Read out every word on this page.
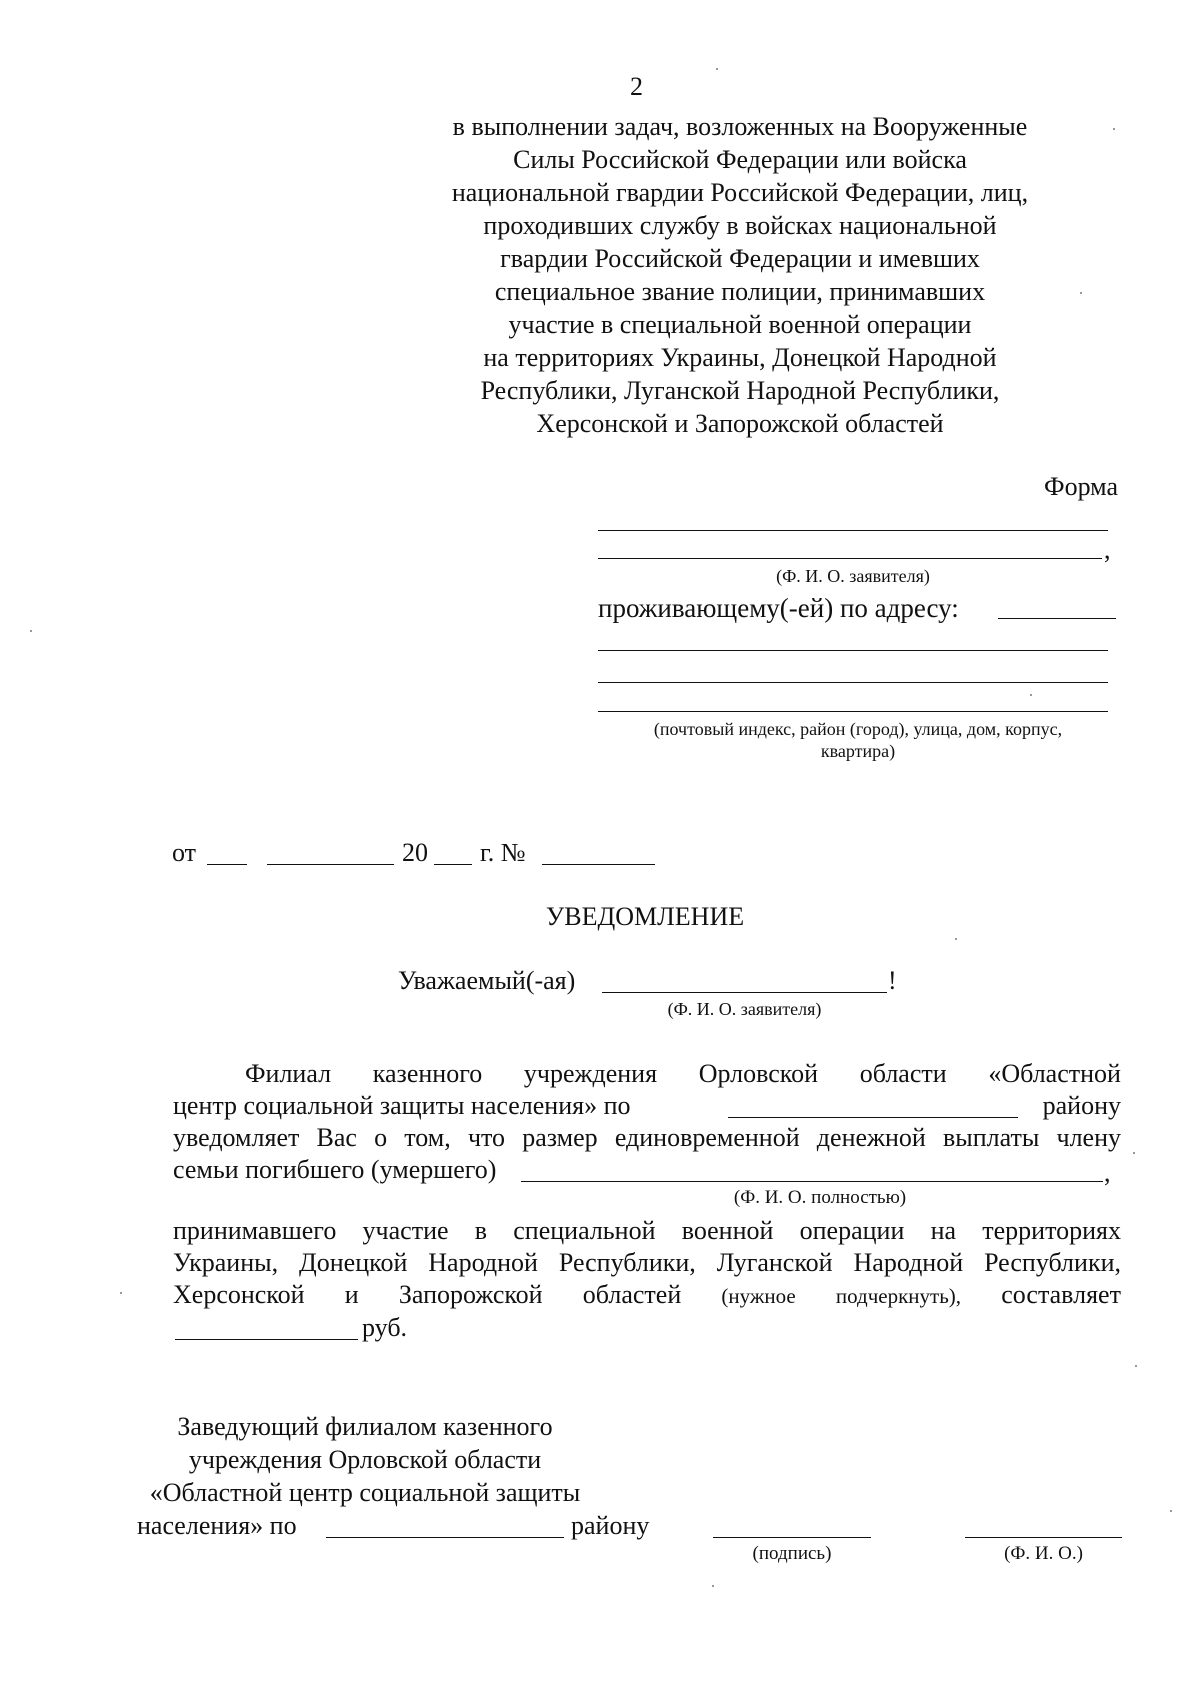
2
в выполнении задач, возложенных на Вооруженные
Силы Российской Федерации или войска
национальной гвардии Российской Федерации, лиц,
проходивших службу в войсках национальной
гвардии Российской Федерации и имевших
специальное звание полиции, принимавших
участие в специальной военной операции
на территориях Украины, Донецкой Народной
Республики, Луганской Народной Республики,
Херсонской и Запорожской областей
Форма
,
(Ф. И. О. заявителя)
проживающему(-ей) по адресу:
(почтовый индекс, район (город), улица, дом, корпус,
квартира)
от	20 г. №
УВЕДОМЛЕНИЕ
Уважаемый(-ая)	!
(Ф. И. О. заявителя)
Филиал казенного учреждения Орловской области «Областной
центр социальной защиты населения» по	району
уведомляет Вас о том, что размер единовременной денежной выплаты члену
семьи погибшего (умершего)	,
(Ф. И. О. полностью)
принимавшего участие в специальной военной операции на территориях
Украины, Донецкой Народной Республики, Луганской Народной Республики,
Херсонской и Запорожской областей (нужное подчеркнуть), составляет
руб.
Заведующий филиалом казенного
учреждения Орловской области
«Областной центр социальной защиты
населения» по	району
(подпись)	(Ф. И. О.)
